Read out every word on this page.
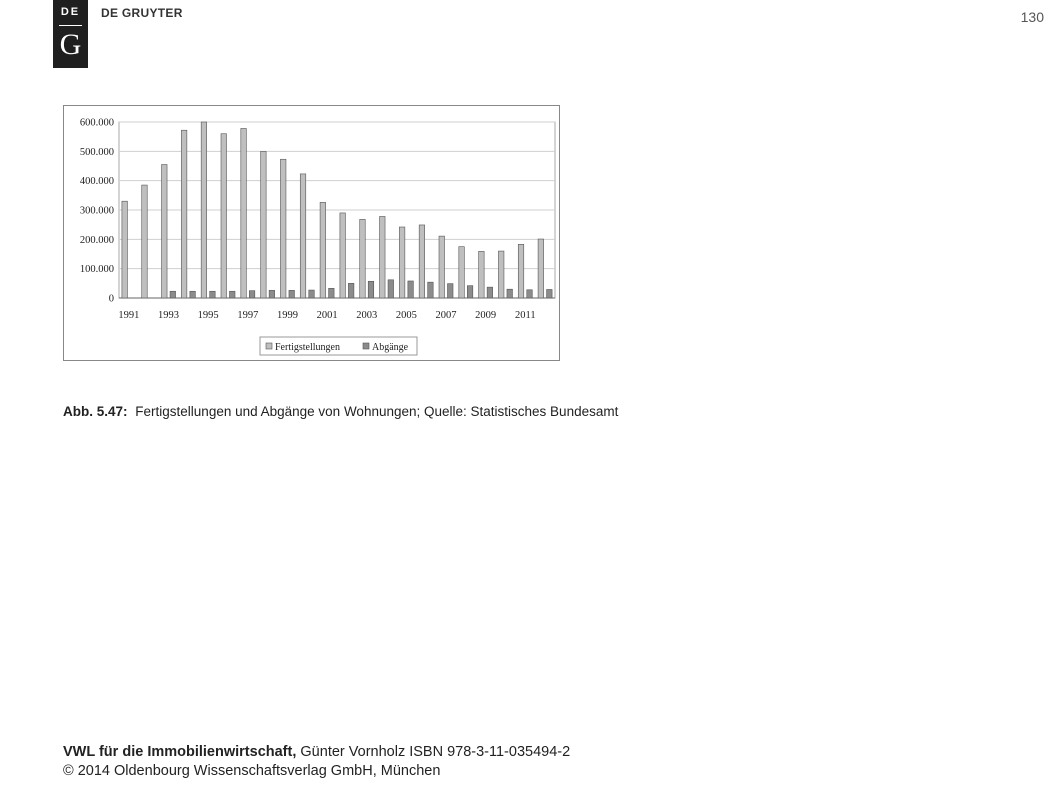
DE
G
DE GRUYTER	130
0
100.000
200.000
300.000
400.000
500.000
600.000
1991 1993 1995 1997 1999 2001 2003 2005 2007 2009 2011
Fertigstellungen	Abgänge
Abb. 5.47: Fertigstellungen und Abgänge von Wohnungen; Quelle: Statistisches Bundesamt
VWL für die Immobilienwirtschaft, Günter Vornholz ISBN 978-3-11-035494-2
© 2014 Oldenbourg Wissenschaftsverlag GmbH, München
